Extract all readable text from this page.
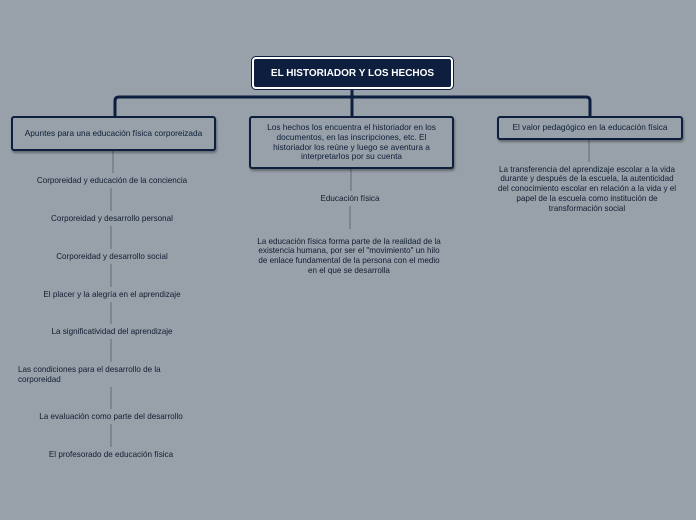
EL HISTORIADOR Y LOS HECHOS
Apuntes para una educación física corporeizada
Los hechos los encuentra el historiador en los documentos, en las inscripciones, etc. El historiador los reúne y luego se aventura a interpretarlos por su cuenta
El valor pedagógico en la educación física
Corporeidad y educación de la conciencia
Corporeidad y desarrollo personal
Corporeidad y desarrollo social
El placer y la alegría en el aprendizaje
La significatividad del aprendizaje
Las condiciones para el desarrollo de la corporeidad
La evaluación como parte del desarrollo
El profesorado de educación física
Educación física
La educación física forma parte de la realidad de la existencia humana, por ser el "movimiento" un hilo de enlace fundamental de la persona con el medio en el que se desarrolla
La transferencia del aprendizaje escolar a la vida durante y después de la escuela, la autenticidad del conocimiento escolar en relación a la vida y el papel de la escuela como institución de transformación social
